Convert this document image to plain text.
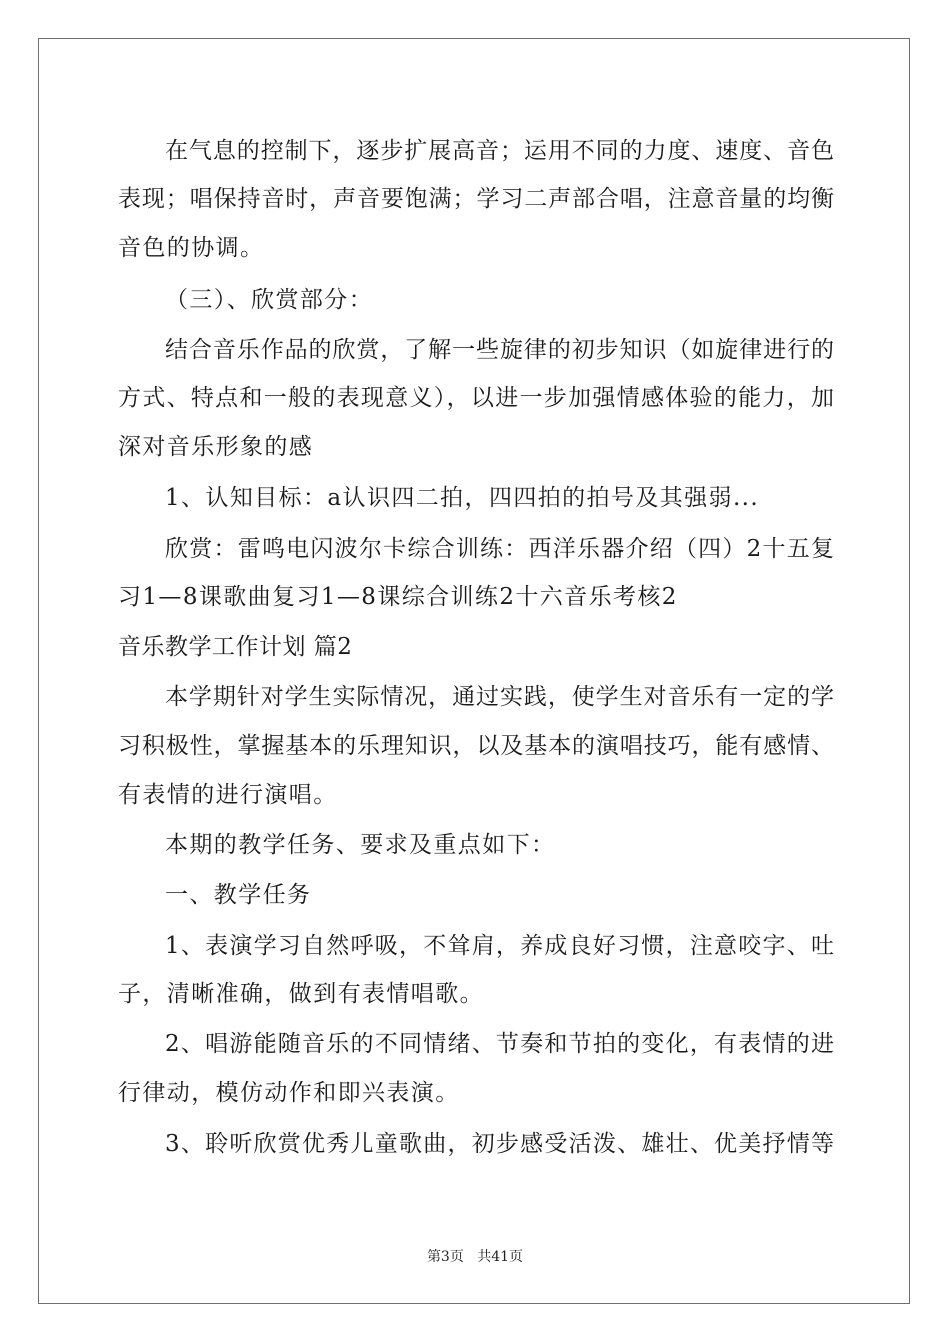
在气息的控制下，逐步扩展高音；运用不同的力度、速度、音色
表现；唱保持音时，声音要饱满；学习二声部合唱，注意音量的均衡
音色的协调。
（三）、欣赏部分：
结合音乐作品的欣赏，了解一些旋律的初步知识（如旋律进行的
方式、特点和一般的表现意义），以进一步加强情感体验的能力，加
深对音乐形象的感
1、认知目标：a认识四二拍，四四拍的拍号及其强弱...
欣赏：雷鸣电闪波尔卡综合训练：西洋乐器介绍（四）2十五复
习1—8课歌曲复习1—8课综合训练2十六音乐考核2
音乐教学工作计划 篇2
本学期针对学生实际情况，通过实践，使学生对音乐有一定的学
习积极性，掌握基本的乐理知识，以及基本的演唱技巧，能有感情、
有表情的进行演唱。
本期的教学任务、要求及重点如下：
一、教学任务
1、表演学习自然呼吸，不耸肩，养成良好习惯，注意咬字、吐
子，清晰准确，做到有表情唱歌。
2、唱游能随音乐的不同情绪、节奏和节拍的变化，有表情的进
行律动，模仿动作和即兴表演。
3、聆听欣赏优秀儿童歌曲，初步感受活泼、雄壮、优美抒情等
第3页 共41页
